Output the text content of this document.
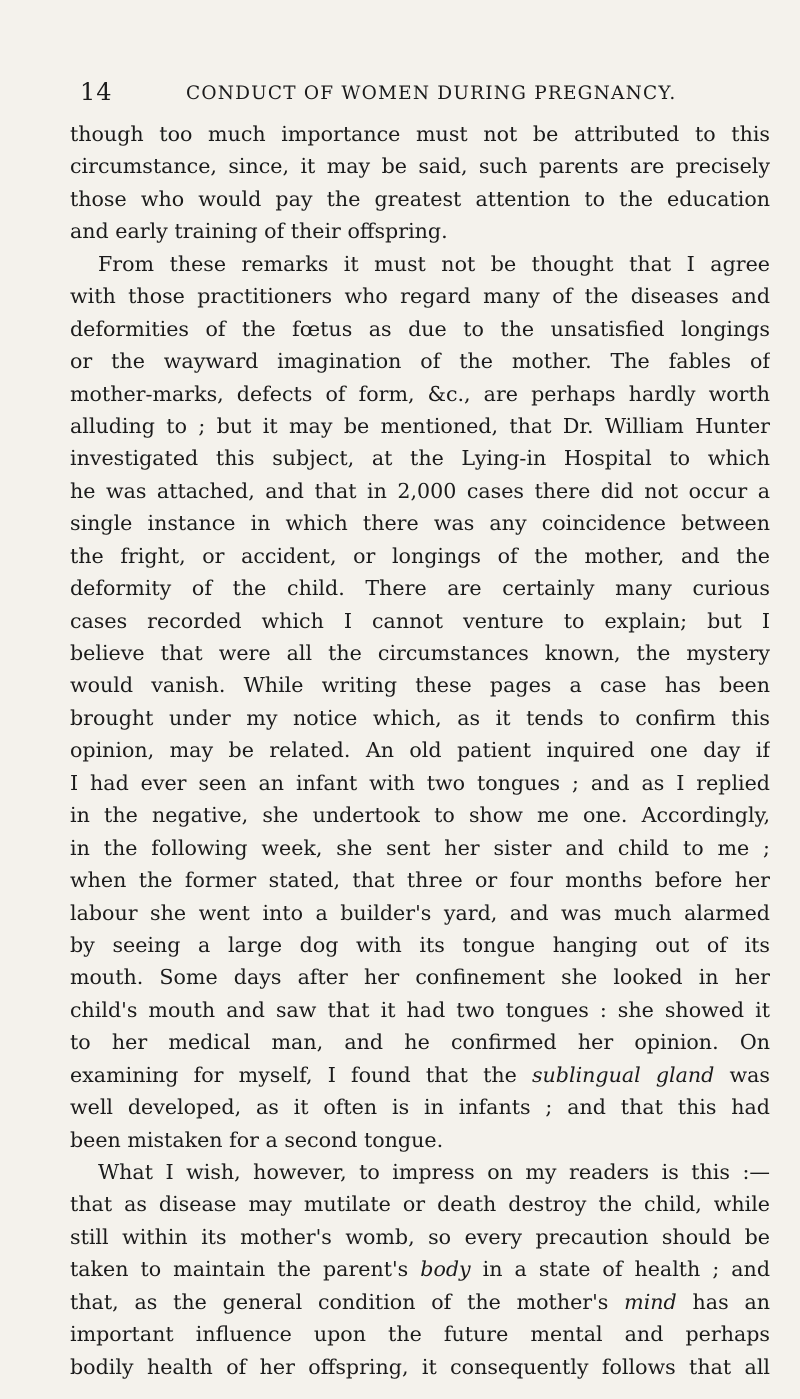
14	CONDUCT OF WOMEN DURING PREGNANCY.
though too much importance must not be attributed to this
circumstance, since, it may be said, such parents are precisely
those who would pay the greatest attention to the education
and early training of their offspring.
From these remarks it must not be thought that I agree
with those practitioners who regard many of the diseases and
deformities of the fœtus as due to the unsatisfied longings
or the wayward imagination of the mother. The fables of
mother-marks, defects of form, &c., are perhaps hardly worth
alluding to ; but it may be mentioned, that Dr. William Hunter
investigated this subject, at the Lying-in Hospital to which
he was attached, and that in 2,000 cases there did not occur a
single instance in which there was any coincidence between
the fright, or accident, or longings of the mother, and the
deformity of the child. There are certainly many curious
cases recorded which I cannot venture to explain; but I
believe that were all the circumstances known, the mystery
would vanish. While writing these pages a case has been
brought under my notice which, as it tends to confirm this
opinion, may be related. An old patient inquired one day if
I had ever seen an infant with two tongues ; and as I replied
in the negative, she undertook to show me one. Accordingly,
in the following week, she sent her sister and child to me ;
when the former stated, that three or four months before her
labour she went into a builder's yard, and was much alarmed
by seeing a large dog with its tongue hanging out of its
mouth. Some days after her confinement she looked in her
child's mouth and saw that it had two tongues : she showed it
to her medical man, and he confirmed her opinion. On
examining for myself, I found that the sublingual gland was
well developed, as it often is in infants ; and that this had
been mistaken for a second tongue.
What I wish, however, to impress on my readers is this :—
that as disease may mutilate or death destroy the child, while
still within its mother's womb, so every precaution should be
taken to maintain the parent's body in a state of health ; and
that, as the general condition of the mother's mind has an
important influence upon the future mental and perhaps
bodily health of her offspring, it consequently follows that all
